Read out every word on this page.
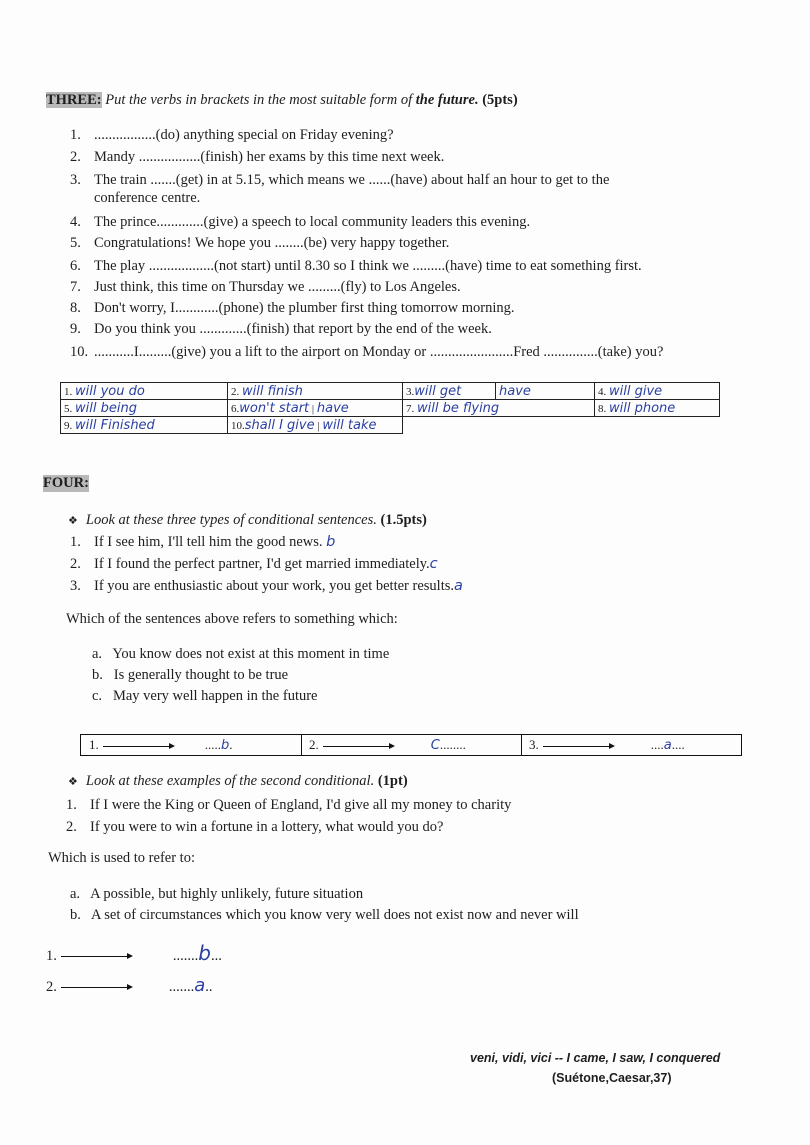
THREE: Put the verbs in brackets in the most suitable form of the future. (5pts)
1. .................(do) anything special on Friday evening?
2. Mandy .................(finish) her exams by this time next week.
3. The train .......(get) in at 5.15, which means we ......(have) about half an hour to get to the
conference centre.
4. The prince.............(give) a speech to local community leaders this evening.
5. Congratulations! We hope you ........(be) very happy together.
6. The play ..................(not start) until 8.30 so I think we .........(have) time to eat something first.
7. Just think, this time on Thursday we .........(fly) to Los Angeles.
8. Don't worry, I............(phone) the plumber first thing tomorrow morning.
9. Do you think you .............(finish) that report by the end of the week.
10. ...........I.........(give) you a lift to the airport on Monday or .......................Fred ...............(take) you?
1. will you do	2. will finish	3.will get	have	4. will give
5. will being	6.won't start | have	7. will be flying		8. will phone
9. will Finished	10.shall I give | will take			
FOUR:
❖ Look at these three types of conditional sentences. (1.5pts)
1. If I see him, I'll tell him the good news. b
2. If I found the perfect partner, I'd get married immediately.c
3. If you are enthusiastic about your work, you get better results.a
Which of the sentences above refers to something which:
a. You know does not exist at this moment in time
b. Is generally thought to be true
c. May very well happen in the future
1.	.....b.	2.	C........	3.	....a....
❖ Look at these examples of the second conditional. (1pt)
1. If I were the King or Queen of England, I'd give all my money to charity
2. If you were to win a fortune in a lottery, what would you do?
Which is used to refer to:
a. A possible, but highly unlikely, future situation
b. A set of circumstances which you know very well does not exist now and never will
1.	.......b...
2.	.......a..
veni, vidi, vici -- I came, I saw, I conquered
(Suétone,Caesar,37)
